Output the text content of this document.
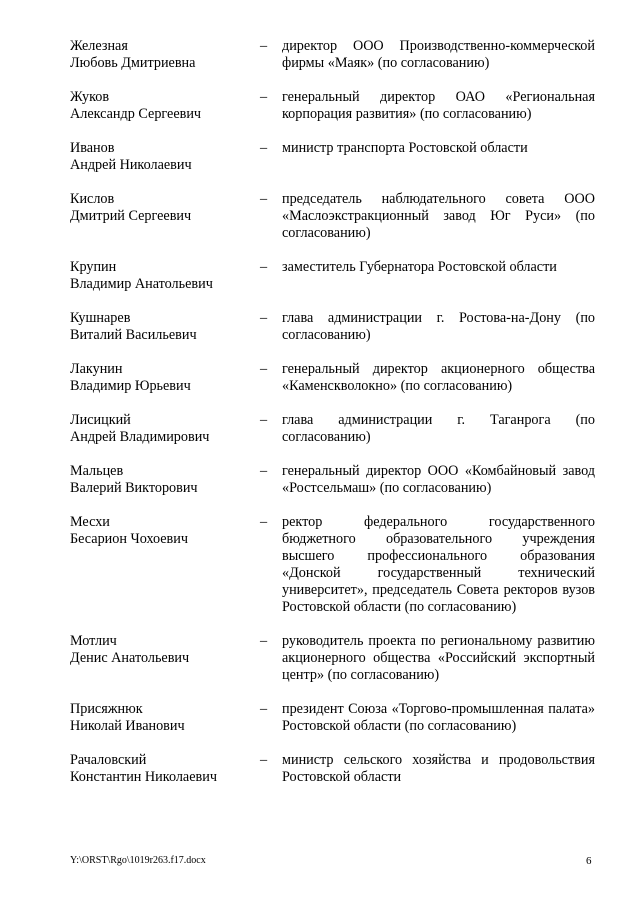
Железная
Любовь Дмитриевна
–	директор ООО Производственно-коммерческой фирмы «Маяк» (по согласованию)
Жуков
Александр Сергеевич
–	генеральный директор ОАО «Региональная корпорация развития» (по согласованию)
Иванов
Андрей Николаевич
–	министр транспорта Ростовской области
Кислов
Дмитрий Сергеевич
–	председатель наблюдательного совета ООО «Маслоэкстракционный завод Юг Руси» (по согласованию)
Крупин
Владимир Анатольевич
–	заместитель Губернатора Ростовской области
Кушнарев
Виталий Васильевич
–	глава администрации г. Ростова-на-Дону (по согласованию)
Лакунин
Владимир Юрьевич
–	генеральный директор акционерного общества «Каменскволокно» (по согласованию)
Лисицкий
Андрей Владимирович
–	глава администрации г. Таганрога (по согласованию)
Мальцев
Валерий Викторович
–	генеральный директор ООО «Комбайновый завод «Ростсельмаш» (по согласованию)
Месхи
Бесарион Чохоевич
–	ректор федерального государственного бюджетного образовательного учреждения высшего профессионального образования «Донской государственный технический университет», председатель Совета ректоров вузов Ростовской области (по согласованию)
Мотлич
Денис Анатольевич
–	руководитель проекта по региональному развитию акционерного общества «Российский экспортный центр» (по согласованию)
Присяжнюк
Николай Иванович
–	президент Союза «Торгово-промышленная палата» Ростовской области (по согласованию)
Рачаловский
Константин Николаевич
–	министр сельского хозяйства и продовольствия Ростовской области
Y:\ORST\Rgo\1019r263.f17.docx	6
